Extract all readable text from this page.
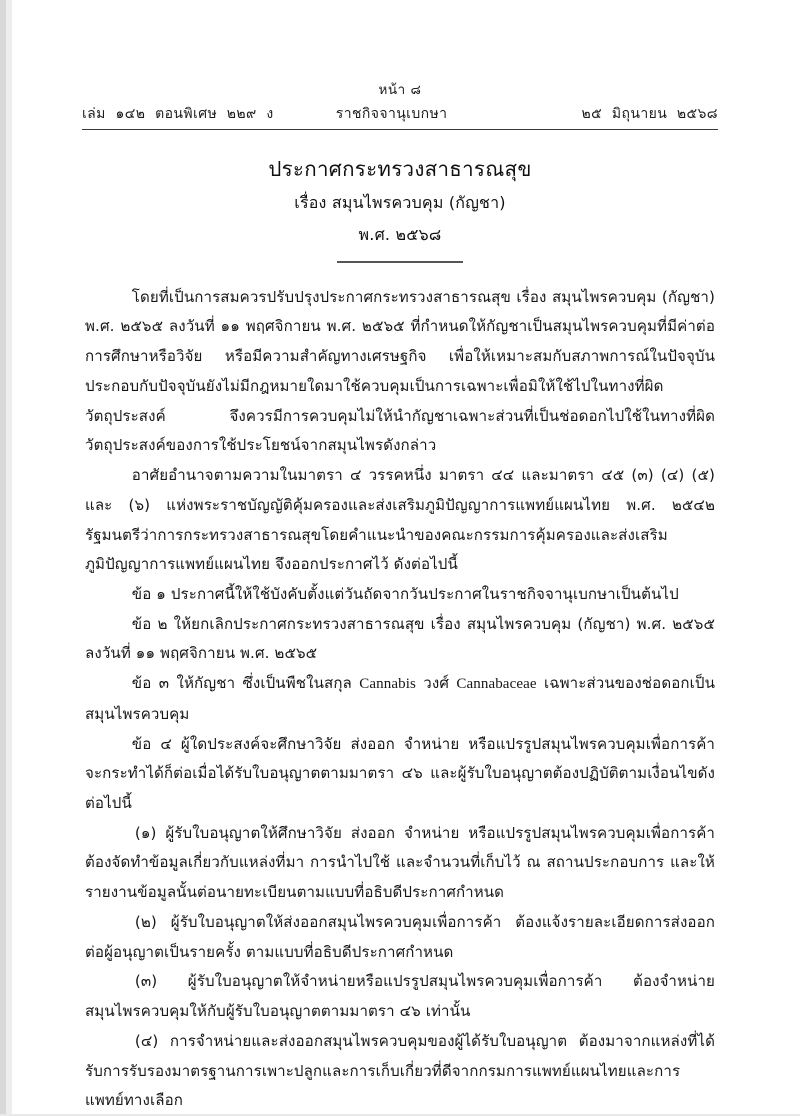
หน้า ๘
เล่ม  ๑๔๒  ตอนพิเศษ  ๒๒๙  ง	ราชกิจจานุเบกษา	๒๕  มิถุนายน  ๒๕๖๘
ประกาศกระทรวงสาธารณสุข
เรื่อง สมุนไพรควบคุม (กัญชา)
พ.ศ. ๒๕๖๘

โดยที่เป็นการสมควรปรับปรุงประกาศกระทรวงสาธารณสุข เรื่อง สมุนไพรควบคุม (กัญชา) พ.ศ. ๒๕๖๕ ลงวันที่ ๑๑ พฤศจิกายน พ.ศ. ๒๕๖๕ ที่กำหนดให้กัญชาเป็นสมุนไพรควบคุมที่มีค่าต่อการศึกษาหรือวิจัย หรือมีความสำคัญทางเศรษฐกิจ เพื่อให้เหมาะสมกับสภาพการณ์ในปัจจุบัน ประกอบกับปัจจุบันยังไม่มีกฎหมายใดมาใช้ควบคุมเป็นการเฉพาะเพื่อมิให้ใช้ไปในทางที่ผิดวัตถุประสงค์ จึงควรมีการควบคุมไม่ให้นำกัญชาเฉพาะส่วนที่เป็นช่อดอกไปใช้ในทางที่ผิดวัตถุประสงค์ของการใช้ประโยชน์จากสมุนไพรดังกล่าว

อาศัยอำนาจตามความในมาตรา ๔ วรรคหนึ่ง มาตรา ๔๔ และมาตรา ๔๕ (๓) (๔) (๕) และ (๖) แห่งพระราชบัญญัติคุ้มครองและส่งเสริมภูมิปัญญาการแพทย์แผนไทย พ.ศ. ๒๕๔๒ รัฐมนตรีว่าการกระทรวงสาธารณสุขโดยคำแนะนำของคณะกรรมการคุ้มครองและส่งเสริมภูมิปัญญาการแพทย์แผนไทย จึงออกประกาศไว้ ดังต่อไปนี้

ข้อ ๑ ประกาศนี้ให้ใช้บังคับตั้งแต่วันถัดจากวันประกาศในราชกิจจานุเบกษาเป็นต้นไป

ข้อ ๒ ให้ยกเลิกประกาศกระทรวงสาธารณสุข เรื่อง สมุนไพรควบคุม (กัญชา) พ.ศ. ๒๕๖๕ ลงวันที่ ๑๑ พฤศจิกายน พ.ศ. ๒๕๖๕

ข้อ ๓ ให้กัญชา ซึ่งเป็นพืชในสกุล Cannabis วงศ์ Cannabaceae เฉพาะส่วนของช่อดอกเป็นสมุนไพรควบคุม

ข้อ ๔ ผู้ใดประสงค์จะศึกษาวิจัย ส่งออก จำหน่าย หรือแปรรูปสมุนไพรควบคุมเพื่อการค้า จะกระทำได้ก็ต่อเมื่อได้รับใบอนุญาตตามมาตรา ๔๖ และผู้รับใบอนุญาตต้องปฏิบัติตามเงื่อนไขดังต่อไปนี้

(๑) ผู้รับใบอนุญาตให้ศึกษาวิจัย ส่งออก จำหน่าย หรือแปรรูปสมุนไพรควบคุมเพื่อการค้าต้องจัดทำข้อมูลเกี่ยวกับแหล่งที่มา การนำไปใช้ และจำนวนที่เก็บไว้ ณ สถานประกอบการ และให้รายงานข้อมูลนั้นต่อนายทะเบียนตามแบบที่อธิบดีประกาศกำหนด

(๒) ผู้รับใบอนุญาตให้ส่งออกสมุนไพรควบคุมเพื่อการค้า ต้องแจ้งรายละเอียดการส่งออกต่อผู้อนุญาตเป็นรายครั้ง ตามแบบที่อธิบดีประกาศกำหนด

(๓) ผู้รับใบอนุญาตให้จำหน่ายหรือแปรรูปสมุนไพรควบคุมเพื่อการค้า ต้องจำหน่ายสมุนไพรควบคุมให้กับผู้รับใบอนุญาตตามมาตรา ๔๖ เท่านั้น

(๔) การจำหน่ายและส่งออกสมุนไพรควบคุมของผู้ได้รับใบอนุญาต ต้องมาจากแหล่งที่ได้รับการรับรองมาตรฐานการเพาะปลูกและการเก็บเกี่ยวที่ดีจากกรมการแพทย์แผนไทยและการแพทย์ทางเลือก
